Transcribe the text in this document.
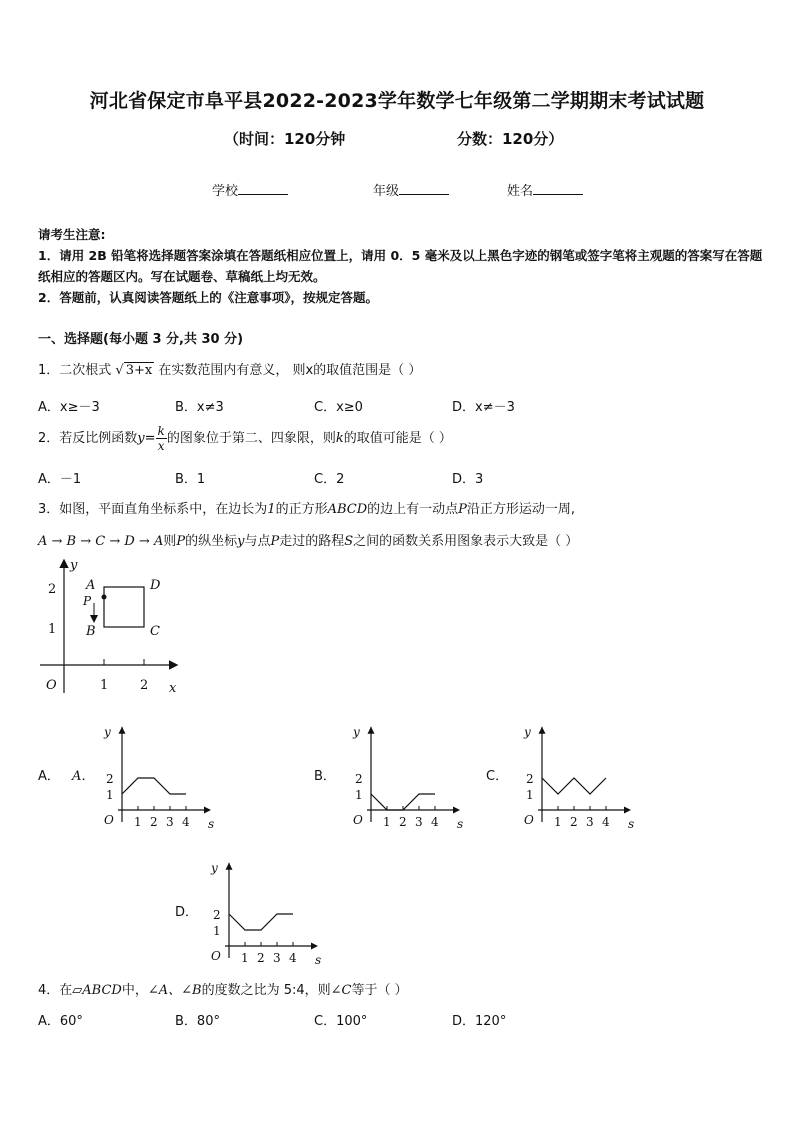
河北省保定市阜平县2022-2023学年数学七年级第二学期期末考试试题
（时间：120分钟	分数：120分）
学校	年级	姓名
请考生注意:
1．请用 2B 铅笔将选择题答案涂填在答题纸相应位置上，请用 0．5 毫米及以上黑色字迹的钢笔或签字笔将主观题的答案写在答题纸相应的答题区内。写在试题卷、草稿纸上均无效。
2．答题前，认真阅读答题纸上的《注意事项》，按规定答题。
一、选择题(每小题 3 分,共 30 分)
1．二次根式 √ 3+x 在实数范围内有意义， 则x的取值范围是（ ）
A．x≥－3	B．x≠3	C．x≥0	D．x≠－3
2．若反比例函数$y= \frac{k}{x}$ 的图象位于第二、四象限，则k的取值可能是（ ）
A．－1	B．1	C．2	D．3
3．如图，平面直角坐标系中，在边长为1的正方形ABCD的边上有一动点P沿正方形运动一周,
A → B → C → D → A则P的纵坐标y与点P走过的路程S之间的函数关系用图象表示大致是（ ）
A
B	C
D
P
O	x
y
1 2
1
2
A． A．	B．	C．
D．
1 2 3 4
1
2
O
y
s	1 2 3 4
1
2
O
y
s	1 2 3 4
1
2
O
y
s
1 2 3 4
1
2
O
y
s
4．在▱ABCD中，∠A、∠B的度数之比为 5:4，则∠C等于（ ）
A．60°	B．80°	C．100°	D．120°
